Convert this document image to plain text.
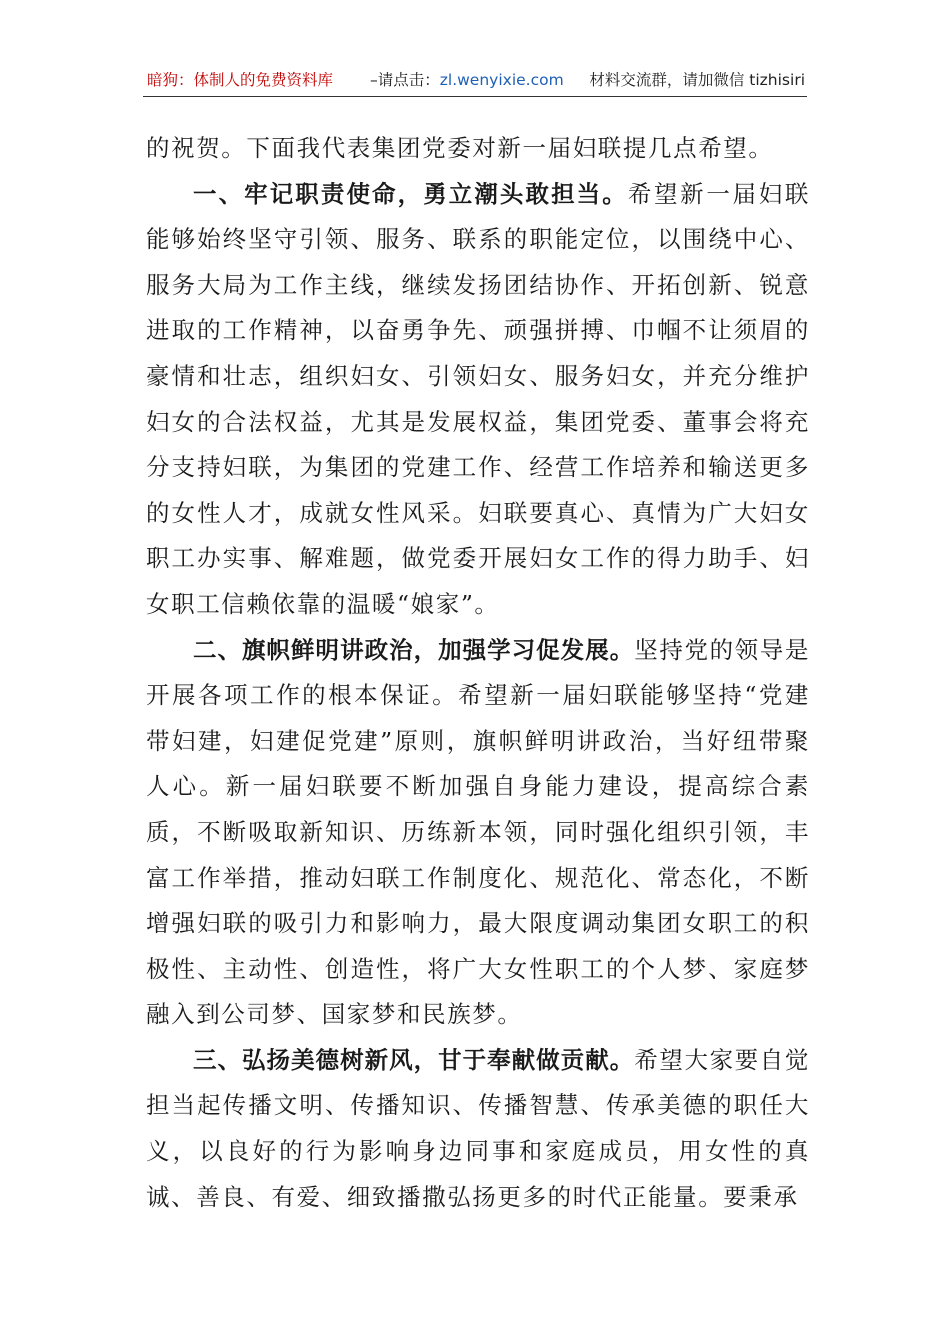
暗狗：体制人的免费资料库 –请点击：zl.wenyixie.com 材料交流群，请加微信 tizhisiri

的祝贺。下面我代表集团党委对新一届妇联提几点希望。

一、牢记职责使命，勇立潮头敢担当。希望新一届妇联能够始终坚守引领、服务、联系的职能定位，以围绕中心、服务大局为工作主线，继续发扬团结协作、开拓创新、锐意进取的工作精神，以奋勇争先、顽强拼搏、巾帼不让须眉的豪情和壮志，组织妇女、引领妇女、服务妇女，并充分维护妇女的合法权益，尤其是发展权益，集团党委、董事会将充分支持妇联，为集团的党建工作、经营工作培养和输送更多的女性人才，成就女性风采。妇联要真心、真情为广大妇女职工办实事、解难题，做党委开展妇女工作的得力助手、妇女职工信赖依靠的温暖“娘家”。

二、旗帜鲜明讲政治，加强学习促发展。坚持党的领导是开展各项工作的根本保证。希望新一届妇联能够坚持“党建带妇建，妇建促党建”原则，旗帜鲜明讲政治，当好纽带聚人心。新一届妇联要不断加强自身能力建设，提高综合素质，不断吸取新知识、历练新本领，同时强化组织引领，丰富工作举措，推动妇联工作制度化、规范化、常态化，不断增强妇联的吸引力和影响力，最大限度调动集团女职工的积极性、主动性、创造性，将广大女性职工的个人梦、家庭梦融入到公司梦、国家梦和民族梦。

三、弘扬美德树新风，甘于奉献做贡献。希望大家要自觉担当起传播文明、传播知识、传播智慧、传承美德的职任大义，以良好的行为影响身边同事和家庭成员，用女性的真诚、善良、有爱、细致播撒弘扬更多的时代正能量。要秉承
